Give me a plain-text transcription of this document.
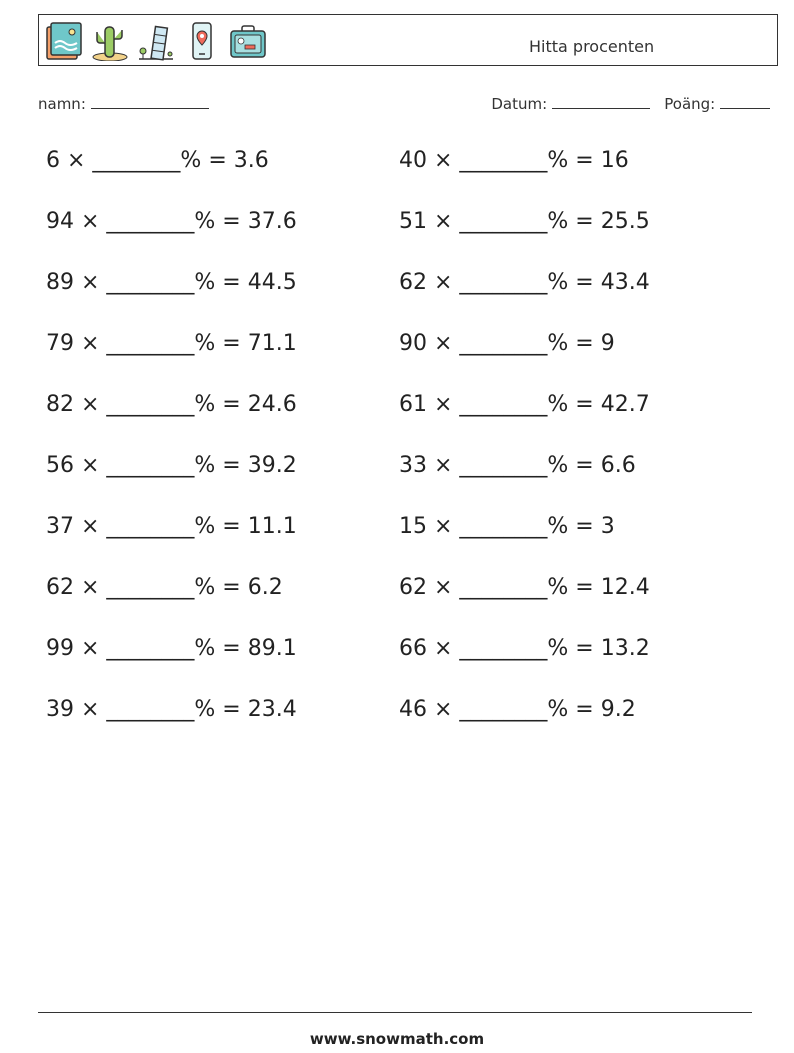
Hitta procenten
namn:	Datum:	Poäng:
6 × ________% = 3.6
94 × ________% = 37.6
89 × ________% = 44.5
79 × ________% = 71.1
82 × ________% = 24.6
56 × ________% = 39.2
37 × ________% = 11.1
62 × ________% = 6.2
99 × ________% = 89.1
39 × ________% = 23.4
40 × ________% = 16
51 × ________% = 25.5
62 × ________% = 43.4
90 × ________% = 9
61 × ________% = 42.7
33 × ________% = 6.6
15 × ________% = 3
62 × ________% = 12.4
66 × ________% = 13.2
46 × ________% = 9.2
www.snowmath.com
